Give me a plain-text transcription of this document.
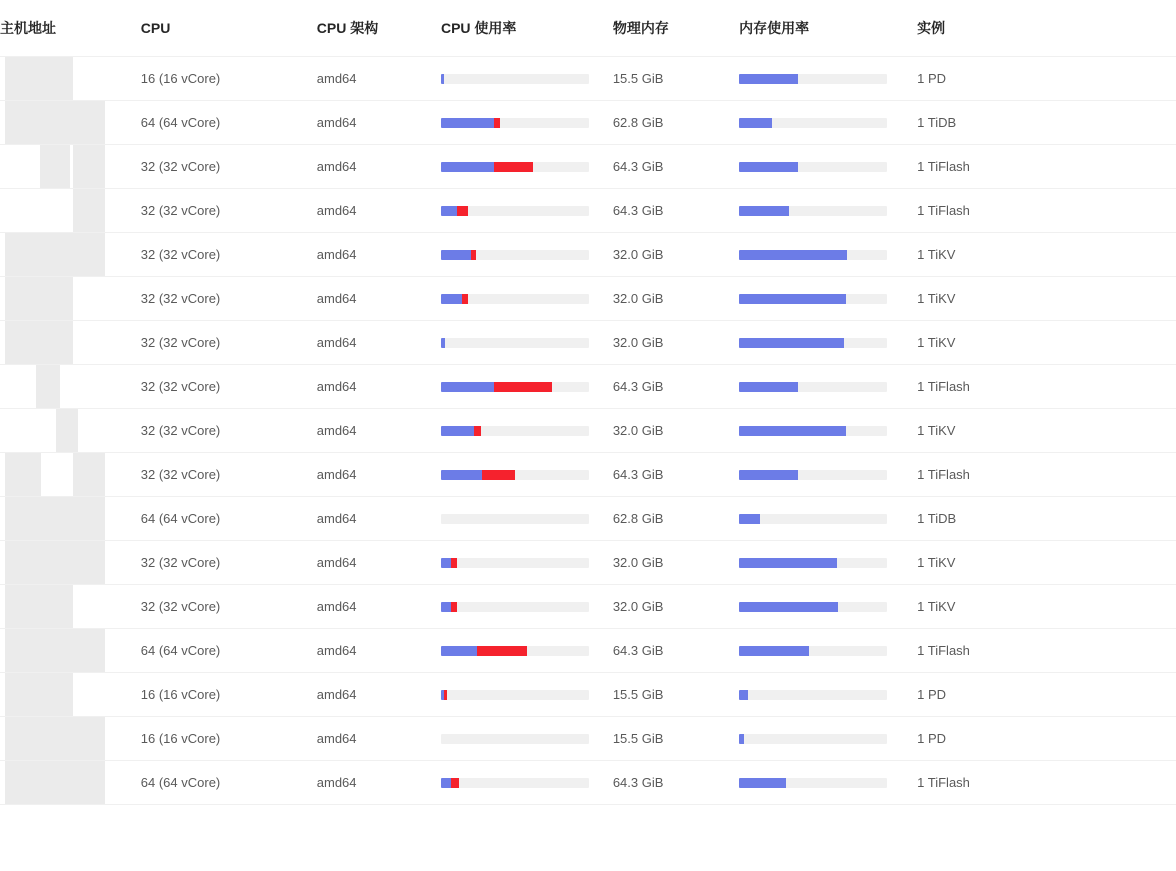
主机地址	CPU	CPU 架构	CPU 使用率	物理内存	内存使用率	实例

	16 (16 vCore)	amd64		15.5 GiB		1 PD

	64 (64 vCore)	amd64		62.8 GiB		1 TiDB

	32 (32 vCore)	amd64		64.3 GiB		1 TiFlash

	32 (32 vCore)	amd64		64.3 GiB		1 TiFlash

	32 (32 vCore)	amd64		32.0 GiB		1 TiKV

	32 (32 vCore)	amd64		32.0 GiB		1 TiKV

	32 (32 vCore)	amd64		32.0 GiB		1 TiKV

	32 (32 vCore)	amd64		64.3 GiB		1 TiFlash

	32 (32 vCore)	amd64		32.0 GiB		1 TiKV

	32 (32 vCore)	amd64		64.3 GiB		1 TiFlash

	64 (64 vCore)	amd64		62.8 GiB		1 TiDB

	32 (32 vCore)	amd64		32.0 GiB		1 TiKV

	32 (32 vCore)	amd64		32.0 GiB		1 TiKV

	64 (64 vCore)	amd64		64.3 GiB		1 TiFlash

	16 (16 vCore)	amd64		15.5 GiB		1 PD

	16 (16 vCore)	amd64		15.5 GiB		1 PD

	64 (64 vCore)	amd64		64.3 GiB		1 TiFlash
